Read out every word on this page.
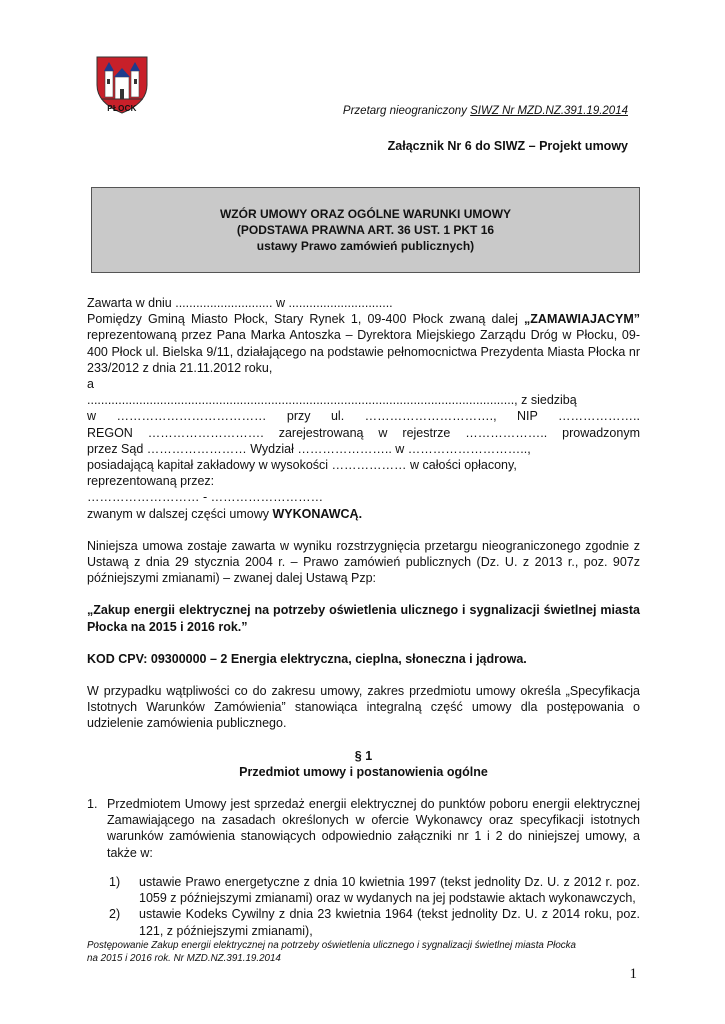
PŁOCK	Przetarg nieograniczony SIWZ Nr MZD.NZ.391.19.2014
Załącznik Nr 6 do SIWZ – Projekt umowy
WZÓR UMOWY ORAZ OGÓLNE WARUNKI UMOWY
(PODSTAWA PRAWNA ART. 36 UST. 1 PKT 16
ustawy Prawo zamówień publicznych)

Zawarta w dniu ............................ w ..............................

Pomiędzy Gminą Miasto Płock, Stary Rynek 1, 09-400 Płock zwaną dalej „ZAMAWIAJACYM” reprezentowaną przez Pana Marka Antoszka – Dyrektora Miejskiego Zarządu Dróg w Płocku, 09-400 Płock ul. Bielska 9/11, działającego na podstawie pełnomocnictwa Prezydenta Miasta Płocka nr 233/2012 z dnia 21.11.2012 roku,

a

..........................................................................................................................., z siedzibą

w ……………………………… przy ul. …………………………., NIP ………………..

REGON ………………………. zarejestrowaną w rejestrze ……………….. prowadzonym

przez Sąd …………………… Wydział ………………….. w ………………………..,

posiadającą kapitał zakładowy w wysokości ……………… w całości opłacony,

reprezentowaną przez:

……………………… - ………………………

zwanym w dalszej części umowy WYKONAWCĄ.

Niniejsza umowa zostaje zawarta w wyniku rozstrzygnięcia przetargu nieograniczonego zgodnie z Ustawą z dnia 29 stycznia 2004 r. – Prawo zamówień publicznych (Dz. U. z 2013 r., poz. 907z późniejszymi zmianami) – zwanej dalej Ustawą Pzp:

„Zakup energii elektrycznej na potrzeby oświetlenia ulicznego i sygnalizacji świetlnej miasta Płocka na 2015 i 2016 rok.”

KOD CPV: 09300000 – 2 Energia elektryczna, cieplna, słoneczna i jądrowa.

W przypadku wątpliwości co do zakresu umowy, zakres przedmiotu umowy określa „Specyfikacja Istotnych Warunków Zamówienia” stanowiąca integralną część umowy dla postępowania o udzielenie zamówienia publicznego.

§ 1

Przedmiot umowy i postanowienia ogólne

1. Przedmiotem Umowy jest sprzedaż energii elektrycznej do punktów poboru energii elektrycznej Zamawiającego na zasadach określonych w ofercie Wykonawcy oraz specyfikacji istotnych warunków zamówienia stanowiących odpowiednio załączniki nr 1 i 2 do niniejszej umowy, a także w:
1)	ustawie Prawo energetyczne z dnia 10 kwietnia 1997 (tekst jednolity Dz. U. z 2012 r. poz. 1059 z późniejszymi zmianami) oraz w wydanych na jej podstawie aktach wykonawczych,
2)	ustawie Kodeks Cywilny z dnia 23 kwietnia 1964 (tekst jednolity Dz. U. z 2014 roku, poz. 121, z późniejszymi zmianami),
Postępowanie Zakup energii elektrycznej na potrzeby oświetlenia ulicznego i sygnalizacji świetlnej miasta Płocka
na 2015 i 2016 rok. Nr MZD.NZ.391.19.2014
1
